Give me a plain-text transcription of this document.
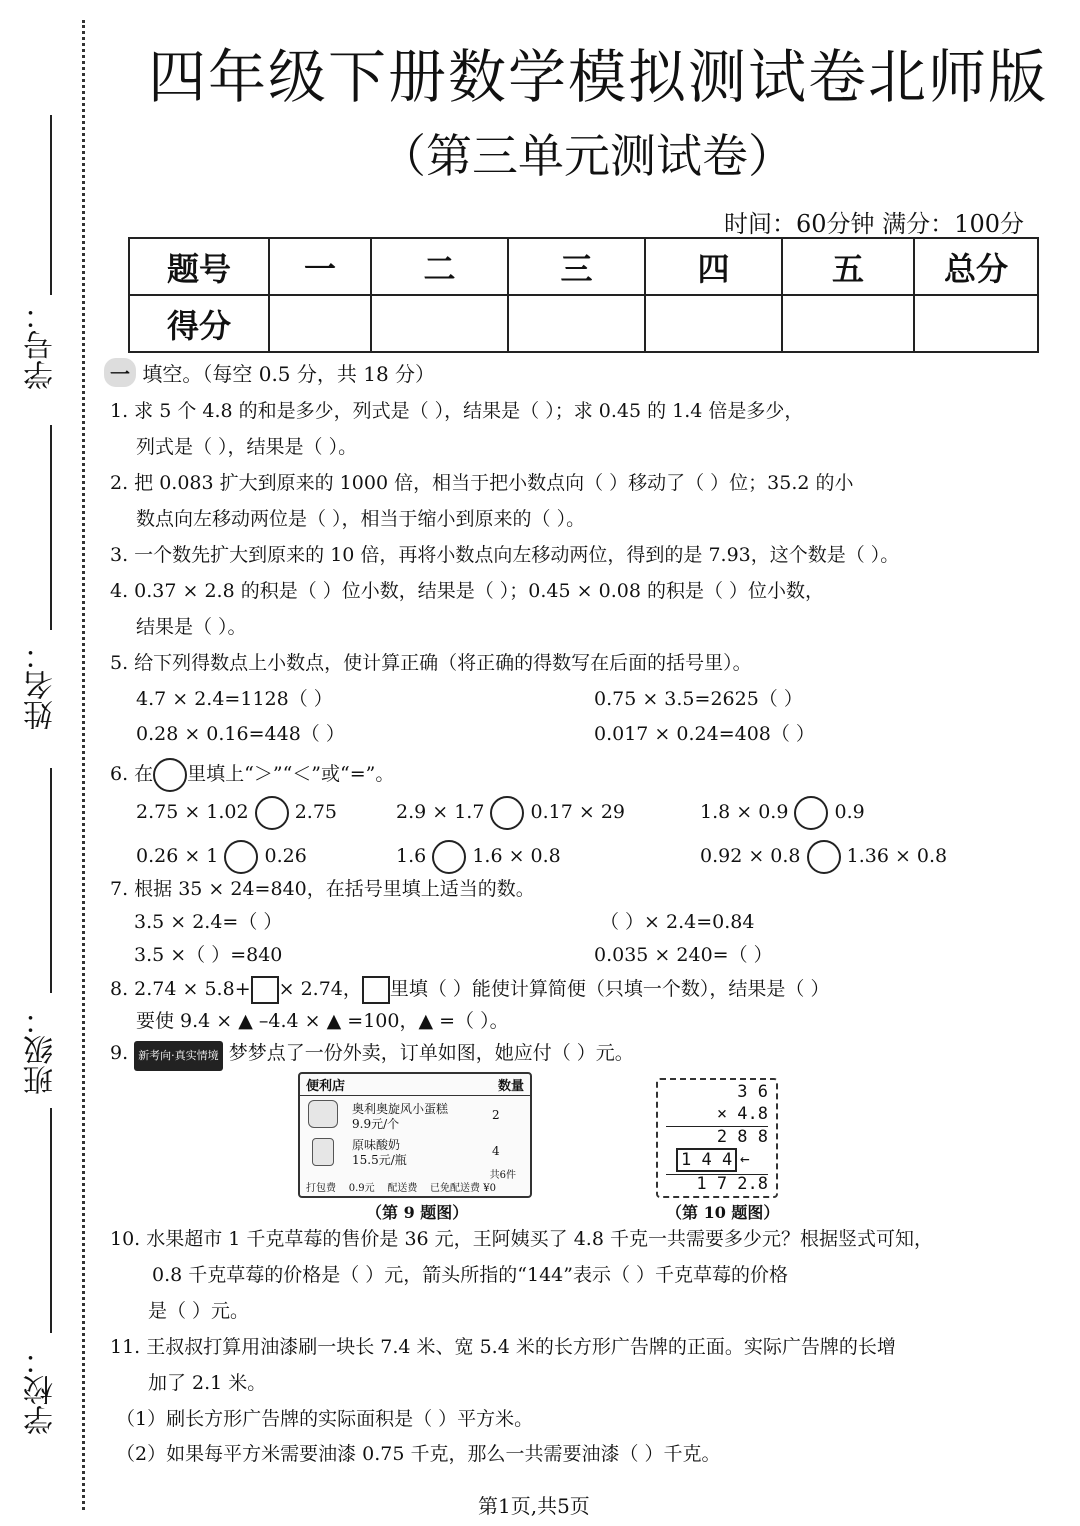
学号：
姓名：
班级：
学校：
四年级下册数学模拟测试卷北师版
（第三单元测试卷）
时间：60分钟 满分：100分
题号	一	二	三	四	五	总分
得分						
一 填空。（每空 0.5 分，共 18 分）
1. 求 5 个 4.8 的和是多少，列式是（ ），结果是（ ）；求 0.45 的 1.4 倍是多少，
列式是（ ），结果是（ ）。
2. 把 0.083 扩大到原来的 1000 倍，相当于把小数点向（ ）移动了（ ）位；35.2 的小
数点向左移动两位是（ ），相当于缩小到原来的（ ）。
3. 一个数先扩大到原来的 10 倍，再将小数点向左移动两位，得到的是 7.93，这个数是（ ）。
4. 0.37 × 2.8 的积是（ ）位小数，结果是（ ）；0.45 × 0.08 的积是（ ）位小数，
结果是（ ）。
5. 给下列得数点上小数点，使计算正确（将正确的得数写在后面的括号里）。
4.7 × 2.4=1128（ ）	0.75 × 3.5=2625（ ）
0.28 × 0.16=448（ ）	0.017 × 0.24=408（ ）
6. 在 里填上“＞”“＜”或“=”。
2.75 × 1.02 2.75	2.9 × 1.7 0.17 × 29	1.8 × 0.9 0.9
0.26 × 1 0.26	1.6 1.6 × 0.8	0.92 × 0.8 1.36 × 0.8
7. 根据 35 × 24=840，在括号里填上适当的数。
3.5 × 2.4=（ ）	（ ）× 2.4=0.84
3.5 ×（ ）=840	0.035 × 240=（ ）
8. 2.74 × 5.8+ × 2.74， 里填（ ）能使计算简便（只填一个数），结果是（ ）
要使 9.4 × ▲ –4.4 × ▲ =100，▲ =（ ）。
9. 新考向·真实情境 梦梦点了一份外卖，订单如图，她应付（ ）元。
便利店	数量
奥利奥旋风小蛋糕
9.9元/个
2
原味酸奶
15.5元/瓶
4
共6件
打包费    0.9元    配送费    已免配送费 ¥0
（第 9 题图）
3 6
× 4.8
2 8 8
1 4 4 ←
1 7 2.8
（第 10 题图）
10. 水果超市 1 千克草莓的售价是 36 元，王阿姨买了 4.8 千克一共需要多少元？根据竖式可知，
0.8 千克草莓的价格是（ ）元，箭头所指的“144”表示（ ）千克草莓的价格
是（ ）元。
11. 王叔叔打算用油漆刷一块长 7.4 米、宽 5.4 米的长方形广告牌的正面。实际广告牌的长增
加了 2.1 米。
（1）刷长方形广告牌的实际面积是（ ）平方米。
（2）如果每平方米需要油漆 0.75 千克，那么一共需要油漆（ ）千克。
第1页,共5页
